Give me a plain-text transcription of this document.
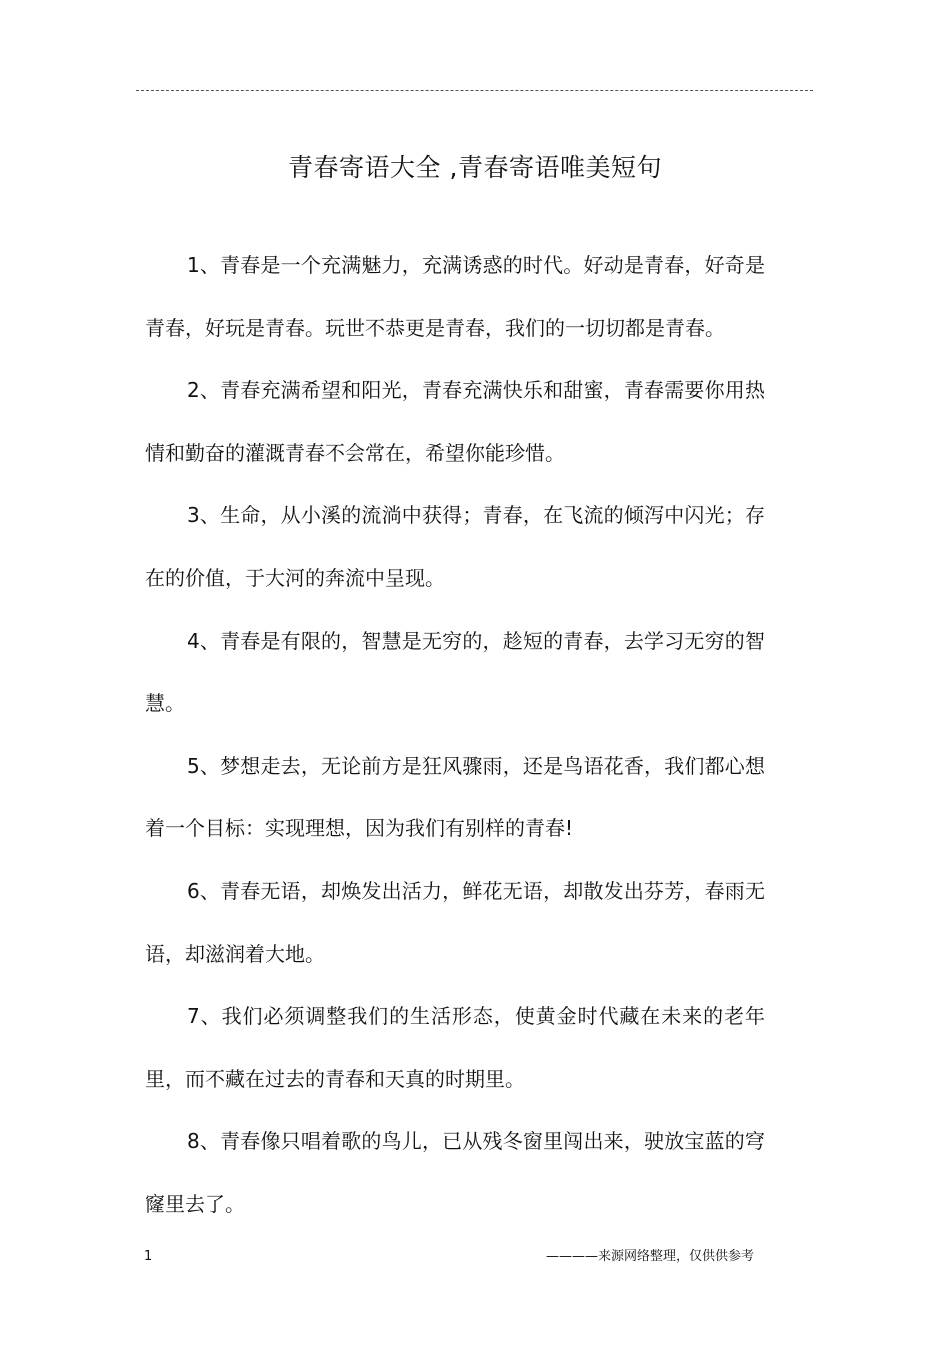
青春寄语大全 ,青春寄语唯美短句

1、青春是一个充满魅力，充满诱惑的时代。好动是青春，好奇是青春，好玩是青春。玩世不恭更是青春，我们的一切切都是青春。

2、青春充满希望和阳光，青春充满快乐和甜蜜，青春需要你用热情和勤奋的灌溉青春不会常在，希望你能珍惜。

3、生命，从小溪的流淌中获得；青春，在飞流的倾泻中闪光；存在的价值，于大河的奔流中呈现。

4、青春是有限的，智慧是无穷的，趁短的青春，去学习无穷的智慧。

5、梦想走去，无论前方是狂风骤雨，还是鸟语花香，我们都心想着一个目标：实现理想，因为我们有别样的青春!

6、青春无语，却焕发出活力，鲜花无语，却散发出芬芳，春雨无语，却滋润着大地。

7、我们必须调整我们的生活形态，使黄金时代藏在未来的老年里，而不藏在过去的青春和天真的时期里。

8、青春像只唱着歌的鸟儿，已从残冬窗里闯出来，驶放宝蓝的穹窿里去了。

1	————来源网络整理，仅供供参考
